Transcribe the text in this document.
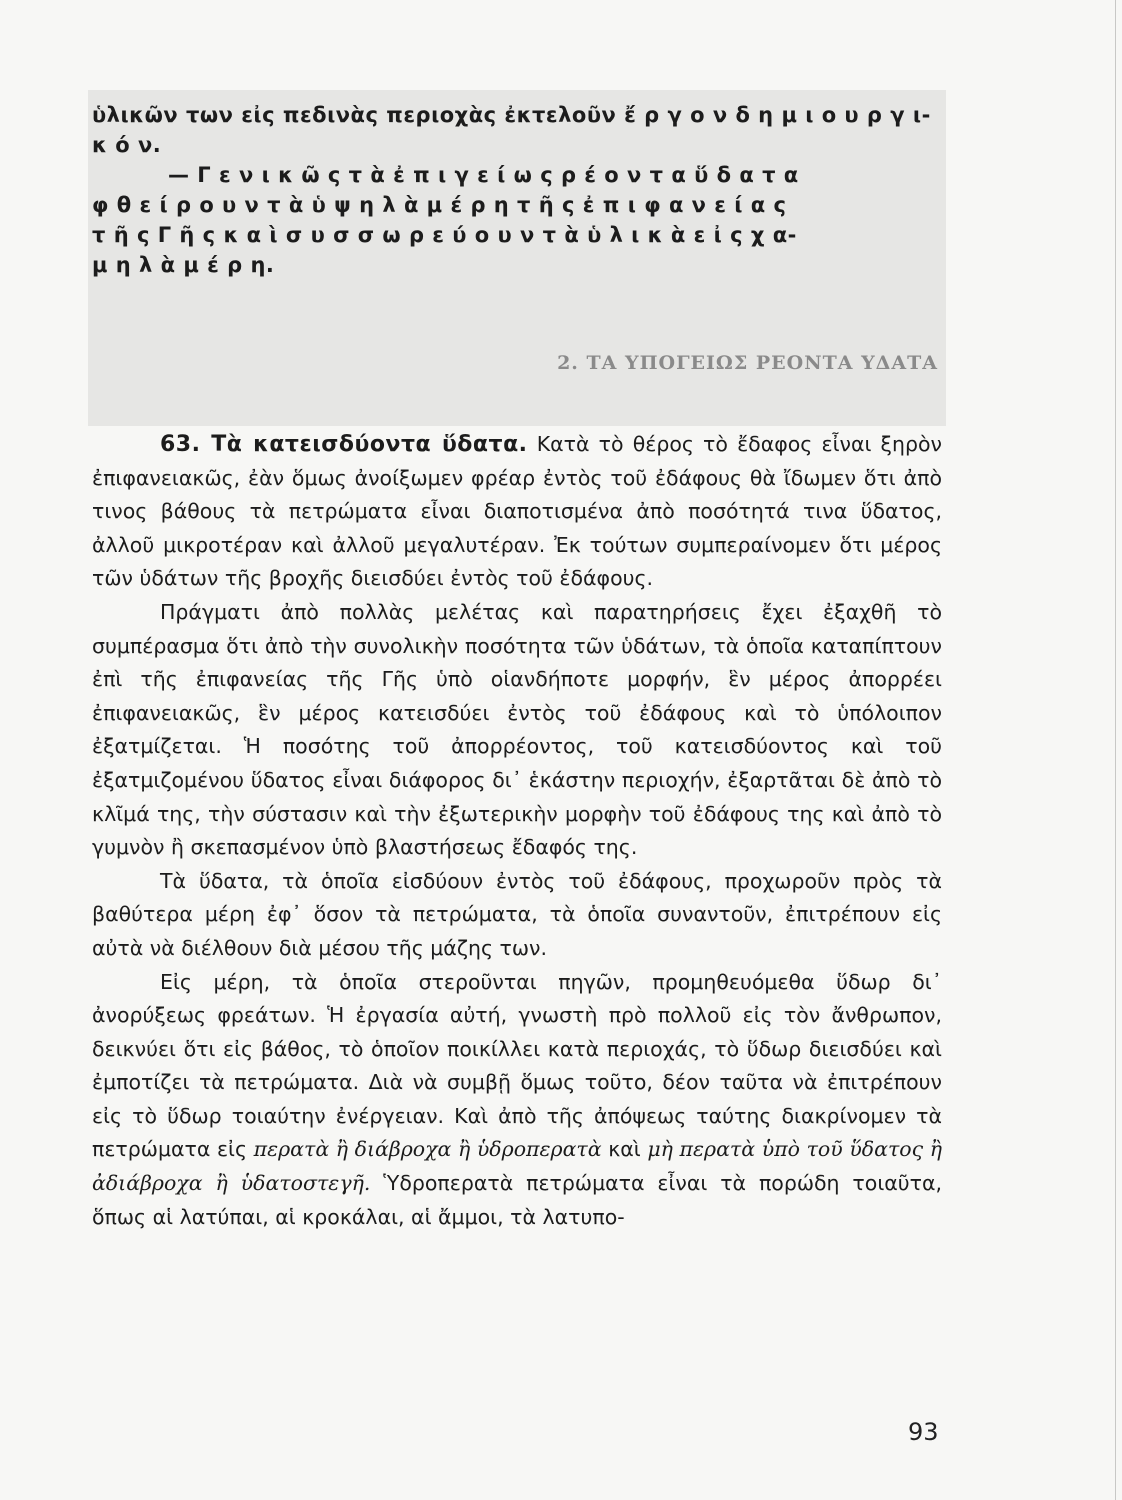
ὑλικῶν των εἰς πεδινὰς περιοχὰς ἐκτελοῦν ἔ ρ γ ο ν δ η μ ι ο υ ρ γ ι-
κ ό ν.
— Γ ε ν ι κ ῶ ς τ ὰ ἐ π ι γ ε ί ω ς ρ έ ο ν τ α ὕ δ α τ α
φ θ ε ί ρ ο υ ν τ ὰ ὑ ψ η λ ὰ μ έ ρ η τ ῆ ς ἐ π ι φ α ν ε ί α ς
τ ῆ ς Γ ῆ ς κ α ὶ σ υ σ σ ω ρ ε ύ ο υ ν τ ὰ ὑ λ ι κ ὰ ε ἰ ς χ α-
μ η λ ὰ μ έ ρ η.
2. ΤΑ ΥΠΟΓΕΙΩΣ ΡΕΟΝΤΑ ΥΔΑΤΑ

63. Τὰ κατεισδύοντα ὕδατα. Κατὰ τὸ θέρος τὸ ἔδαφος εἶναι ξηρὸν ἐπιφανειακῶς, ἐὰν ὅμως ἀνοίξωμεν φρέαρ ἐντὸς τοῦ ἐδάφους θὰ ἴδωμεν ὅτι ἀπὸ τινος βάθους τὰ πετρώματα εἶναι διαποτισμένα ἀπὸ ποσότητά τινα ὕδατος, ἀλλοῦ μικροτέραν καὶ ἀλλοῦ μεγαλυτέραν. Ἐκ τούτων συμπεραίνομεν ὅτι μέρος τῶν ὑδάτων τῆς βροχῆς διεισδύει ἐντὸς τοῦ ἐδάφους.

Πράγματι ἀπὸ πολλὰς μελέτας καὶ παρατηρήσεις ἔχει ἐξαχθῆ τὸ συμπέρασμα ὅτι ἀπὸ τὴν συνολικὴν ποσότητα τῶν ὑδάτων, τὰ ὁποῖα καταπίπτουν ἐπὶ τῆς ἐπιφανείας τῆς Γῆς ὑπὸ οἱανδήποτε μορφήν, ἓν μέρος ἀπορρέει ἐπιφανειακῶς, ἓν μέρος κατεισδύει ἐντὸς τοῦ ἐδάφους καὶ τὸ ὑπόλοιπον ἐξατμίζεται. Ἡ ποσότης τοῦ ἀπορρέοντος, τοῦ κατεισδύοντος καὶ τοῦ ἐξατμιζομένου ὕδατος εἶναι διάφορος δι᾽ ἑκάστην περιοχήν, ἐξαρτᾶται δὲ ἀπὸ τὸ κλῖμά της, τὴν σύστασιν καὶ τὴν ἐξωτερικὴν μορφὴν τοῦ ἐδάφους της καὶ ἀπὸ τὸ γυμνὸν ἢ σκεπασμένον ὑπὸ βλαστήσεως ἔδαφός της.

Τὰ ὕδατα, τὰ ὁποῖα εἰσδύουν ἐντὸς τοῦ ἐδάφους, προχωροῦν πρὸς τὰ βαθύτερα μέρη ἐφ᾽ ὅσον τὰ πετρώματα, τὰ ὁποῖα συναντοῦν, ἐπιτρέπουν εἰς αὐτὰ νὰ διέλθουν διὰ μέσου τῆς μάζης των.

Εἰς μέρη, τὰ ὁποῖα στεροῦνται πηγῶν, προμηθευόμεθα ὕδωρ δι᾽ ἀνορύξεως φρεάτων. Ἡ ἐργασία αὐτή, γνωστὴ πρὸ πολλοῦ εἰς τὸν ἄνθρωπον, δεικνύει ὅτι εἰς βάθος, τὸ ὁποῖον ποικίλλει κατὰ περιοχάς, τὸ ὕδωρ διεισδύει καὶ ἐμποτίζει τὰ πετρώματα. Διὰ νὰ συμβῇ ὅμως τοῦτο, δέον ταῦτα νὰ ἐπιτρέπουν εἰς τὸ ὕδωρ τοιαύτην ἐνέργειαν. Καὶ ἀπὸ τῆς ἀπόψεως ταύτης διακρίνομεν τὰ πετρώματα εἰς περατὰ ἢ διάβροχα ἢ ὑδροπερατὰ καὶ μὴ περατὰ ὑπὸ τοῦ ὕδατος ἢ ἀδιάβροχα ἢ ὑδατοστεγῆ. Ὑδροπερατὰ πετρώματα εἶναι τὰ πορώδη τοιαῦτα, ὅπως αἱ λατύπαι, αἱ κροκάλαι, αἱ ἄμμοι, τὰ λατυπο-

93
